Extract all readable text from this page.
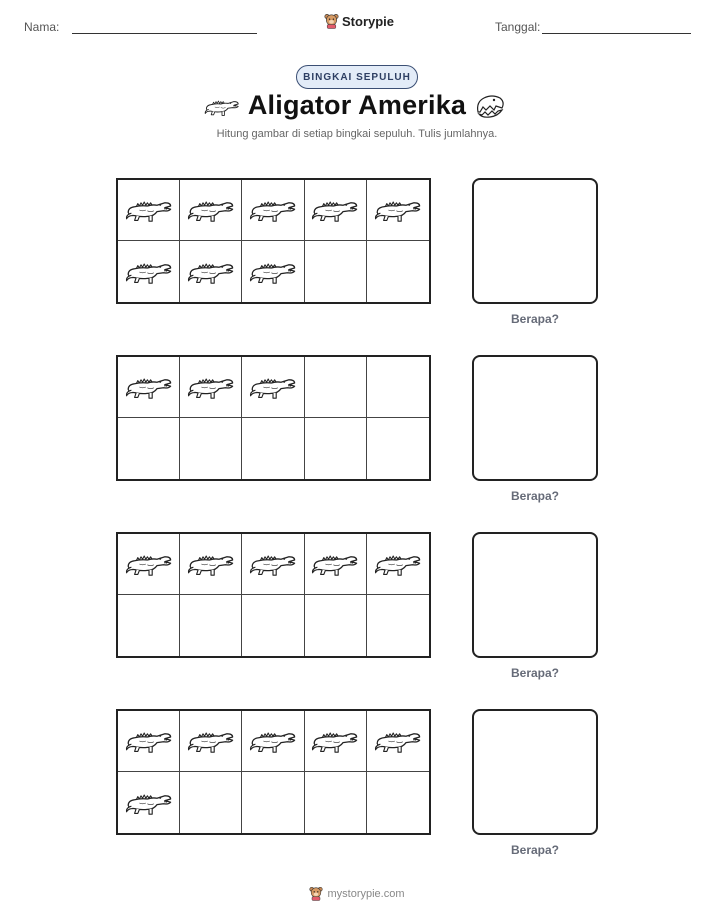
Nama:	Storypie	Tanggal:
BINGKAI SEPULUH
Aligator Amerika
Hitung gambar di setiap bingkai sepuluh. Tulis jumlahnya.
Berapa?
Berapa?
Berapa?
Berapa?
mystorypie.com
